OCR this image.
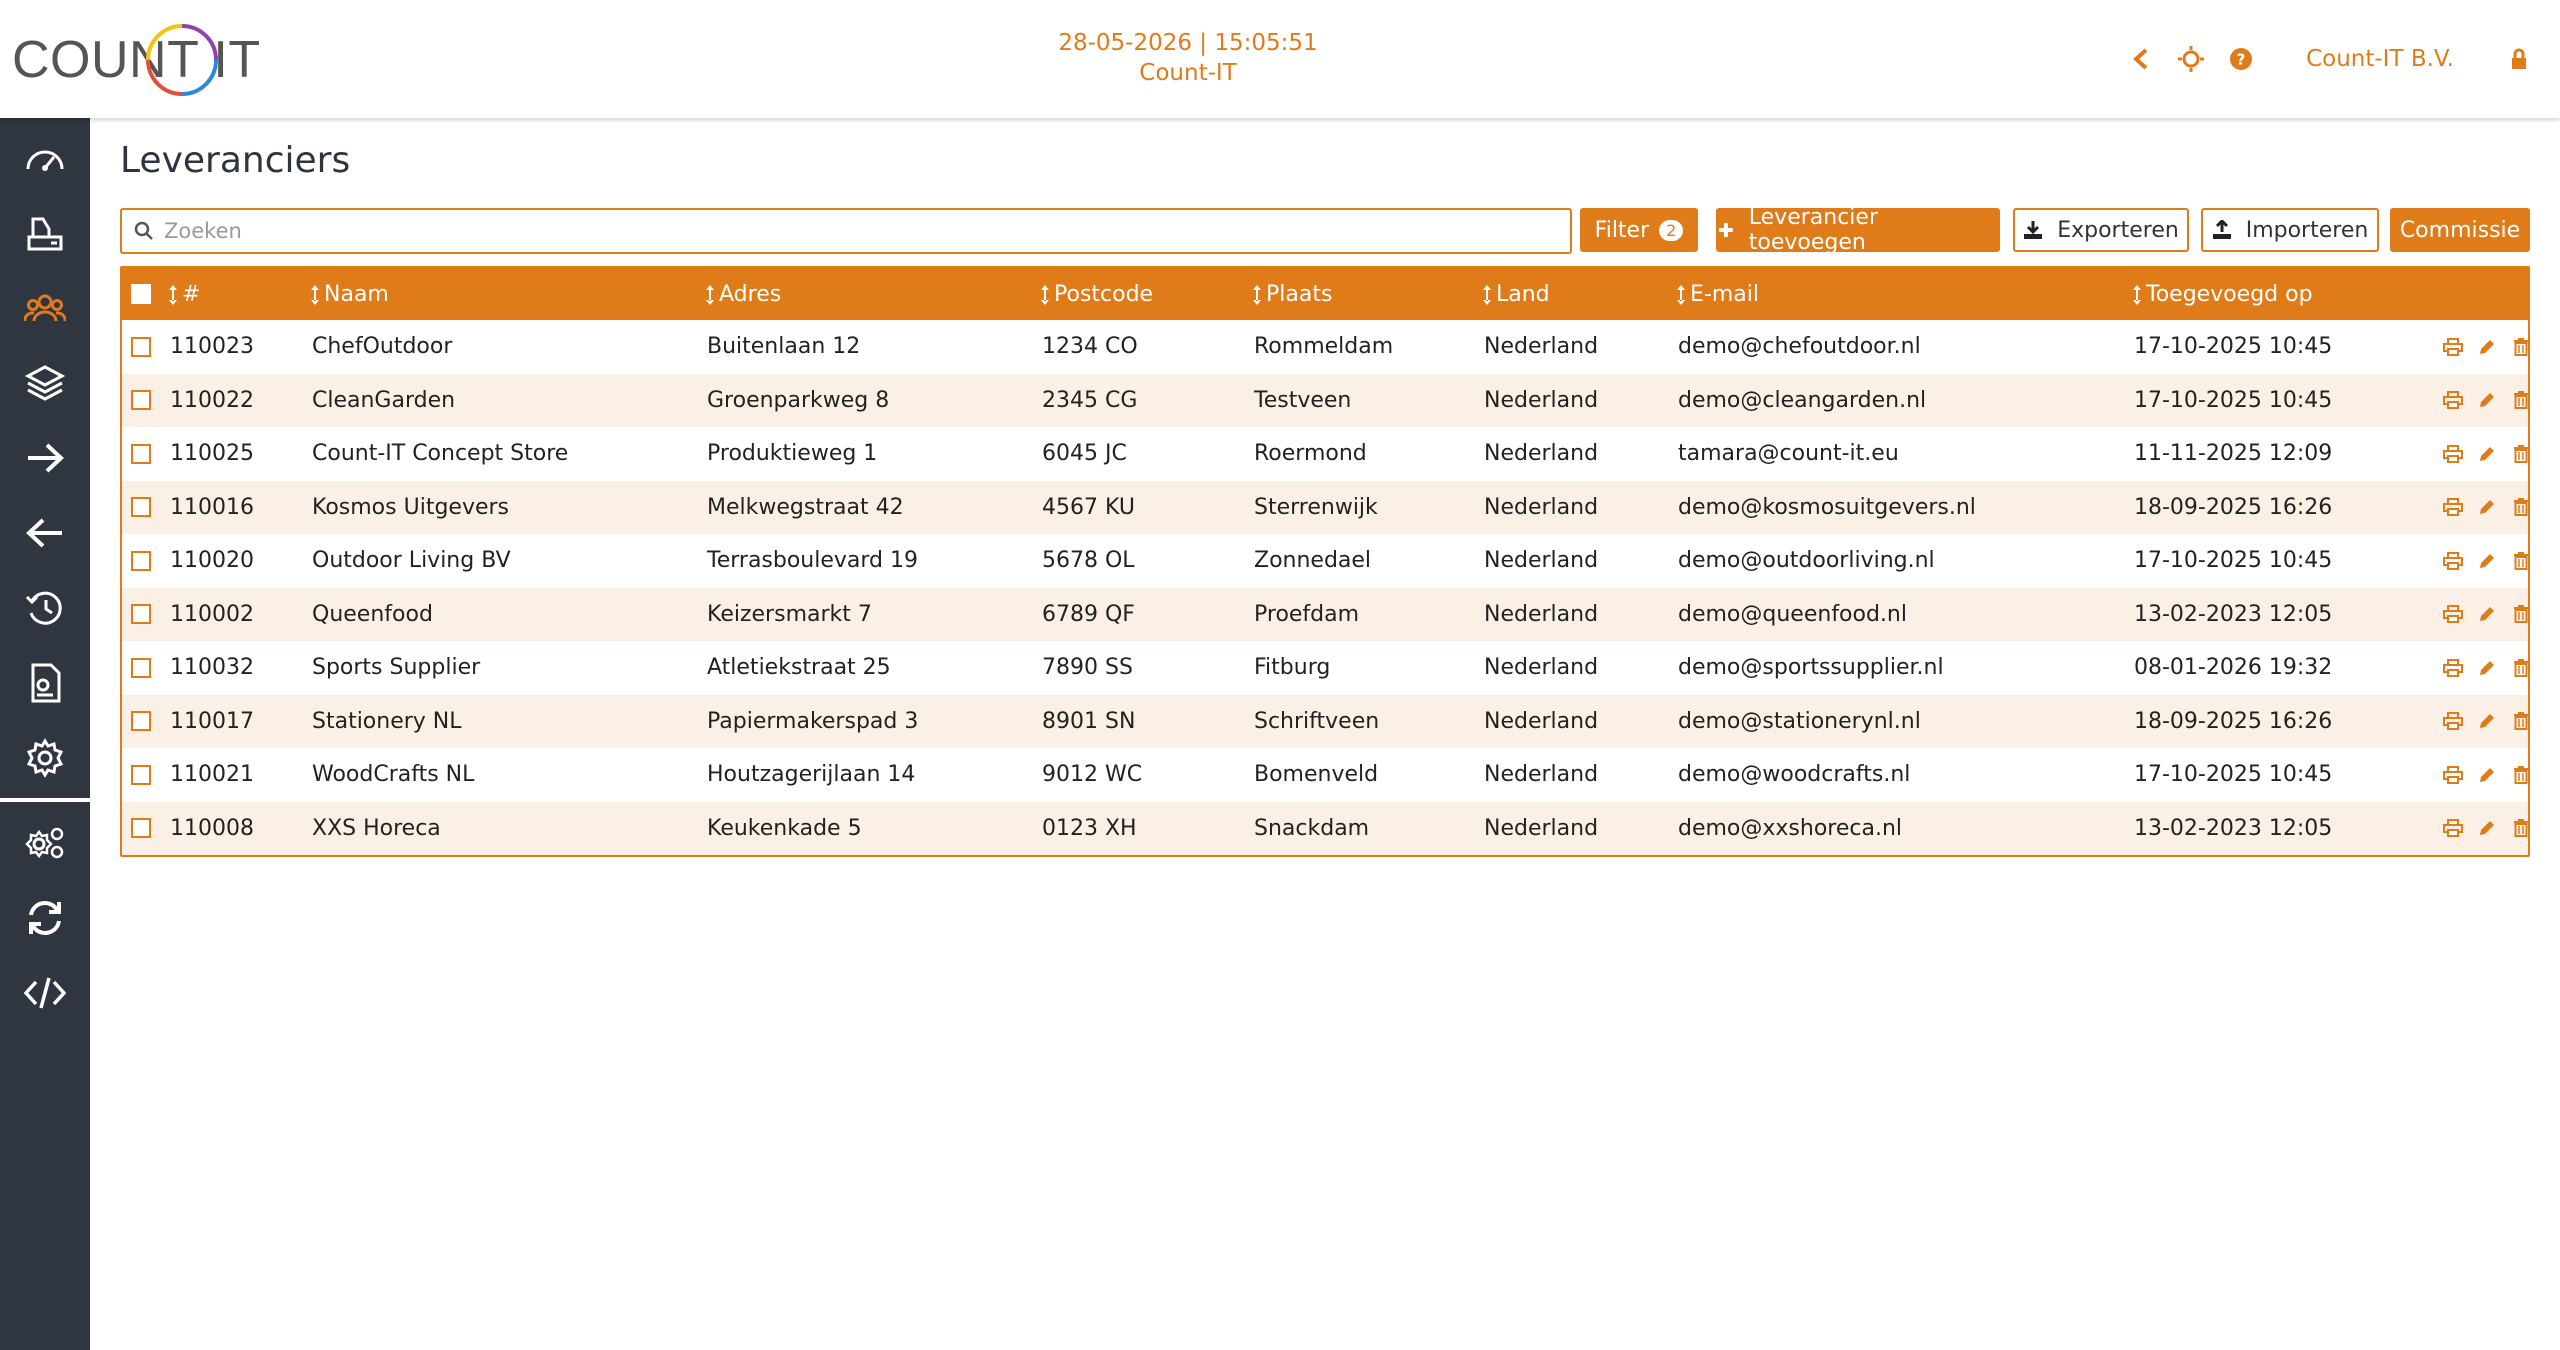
COUNT IT	28-05-2026 | 15:05:51
Count-IT
?	Count-IT B.V.
Leveranciers
Zoeken
Filter	2	Leverancier toevoegen	Exporteren	Importeren Commissie
#	Naam	Adres	Postcode	Plaats	Land	E-mail	Toegevoegd op
110023	ChefOutdoor	Buitenlaan 12	1234 CO	Rommeldam	Nederland	demo@chefoutdoor.nl	17-10-2025 10:45
110022	CleanGarden	Groenparkweg 8	2345 CG	Testveen	Nederland	demo@cleangarden.nl	17-10-2025 10:45
110025	Count-IT Concept Store	Produktieweg 1	6045 JC	Roermond	Nederland	tamara@count-it.eu	11-11-2025 12:09
110016	Kosmos Uitgevers	Melkwegstraat 42	4567 KU	Sterrenwijk	Nederland	demo@kosmosuitgevers.nl	18-09-2025 16:26
110020	Outdoor Living BV	Terrasboulevard 19	5678 OL	Zonnedael	Nederland	demo@outdoorliving.nl	17-10-2025 10:45
110002	Queenfood	Keizersmarkt 7	6789 QF	Proefdam	Nederland	demo@queenfood.nl	13-02-2023 12:05
110032	Sports Supplier	Atletiekstraat 25	7890 SS	Fitburg	Nederland	demo@sportssupplier.nl	08-01-2026 19:32
110017	Stationery NL	Papiermakerspad 3	8901 SN	Schriftveen	Nederland	demo@stationerynl.nl	18-09-2025 16:26
110021	WoodCrafts NL	Houtzagerijlaan 14	9012 WC	Bomenveld	Nederland	demo@woodcrafts.nl	17-10-2025 10:45
110008	XXS Horeca	Keukenkade 5	0123 XH	Snackdam	Nederland	demo@xxshoreca.nl	13-02-2023 12:05
